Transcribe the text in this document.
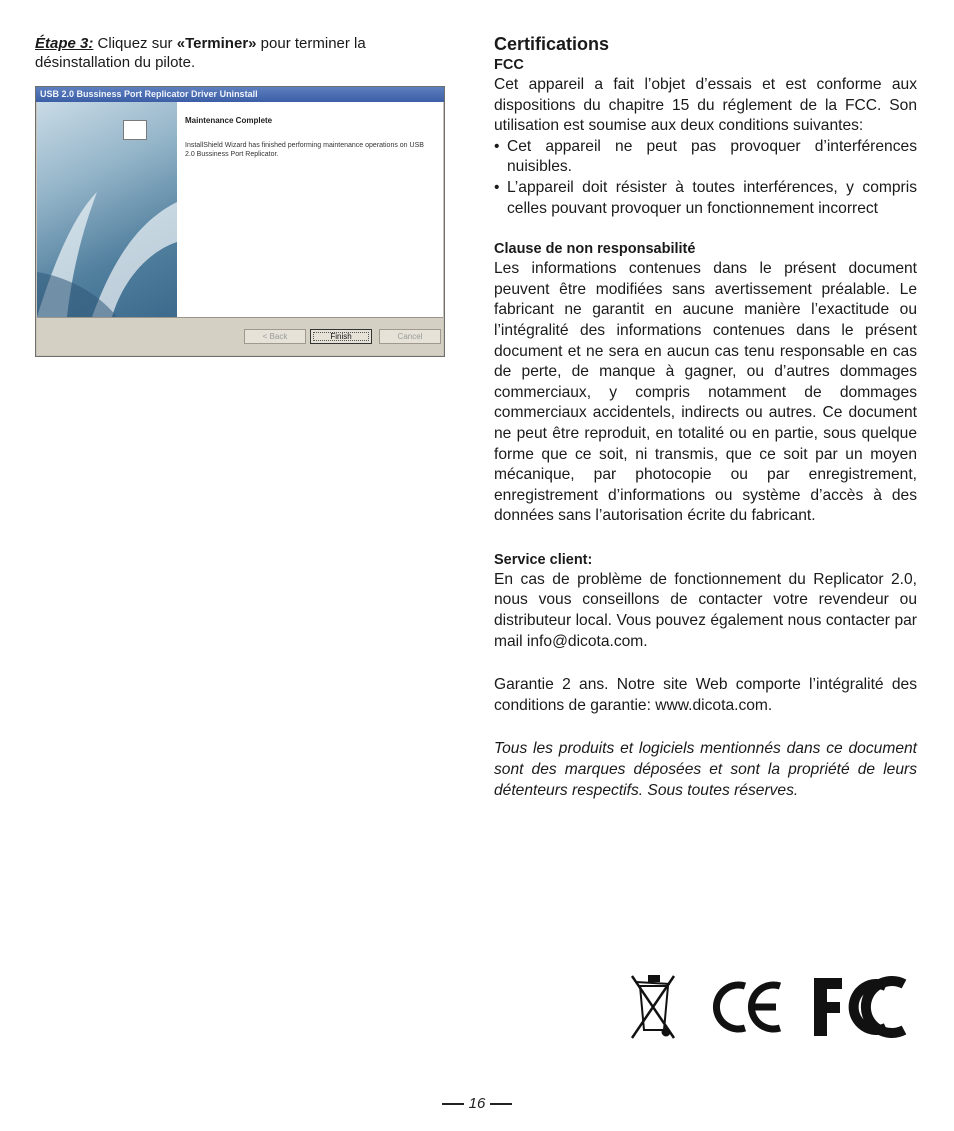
Étape 3: Cliquez sur «Terminer» pour terminer la désinstallation du pilote.
USB 2.0 Bussiness Port Replicator Driver Uninstall
Maintenance Complete
InstallShield Wizard has finished performing maintenance operations on USB 2.0 Bussiness Port Replicator.
< Back	Finish	Cancel
Certifications

FCC

Cet appareil a fait l’objet d’essais et est conforme aux dispositions du chapitre 15 du réglement de la FCC. Son utilisation est soumise aux deux conditions suivantes:

• Cet appareil ne peut pas provoquer d’interférences nuisibles.
• L’appareil doit résister à toutes interférences, y compris celles pouvant provoquer un fonctionnement incorrect

Clause de non responsabilité

Les informations contenues dans le présent document peuvent être modifiées sans avertissement préalable. Le fabricant ne garantit en aucune manière l’exactitude ou l’intégralité des informations contenues dans le présent document et ne sera en aucun cas tenu responsable en cas de perte, de manque à gagner, ou d’autres dommages commerciaux, y compris notamment de dommages commerciaux accidentels, indirects ou autres. Ce document ne peut être reproduit, en totalité ou en partie, sous quelque forme que ce soit, ni transmis, que ce soit par un moyen mécanique, par photocopie ou par enregistrement, enregistrement d’informations ou système d’accès à des données sans l’autorisation écrite du fabricant.

Service client:

En cas de problème de fonctionnement du Replicator 2.0, nous vous conseillons de contacter votre revendeur ou distributeur local. Vous pouvez également nous contacter par mail info@dicota.com.

Garantie 2 ans. Notre site Web comporte l’intégralité des conditions de garantie: www.dicota.com.

Tous les produits et logiciels mentionnés dans ce document sont des marques déposées et sont la propriété de leurs détenteurs respectifs. Sous toutes réserves.

16
